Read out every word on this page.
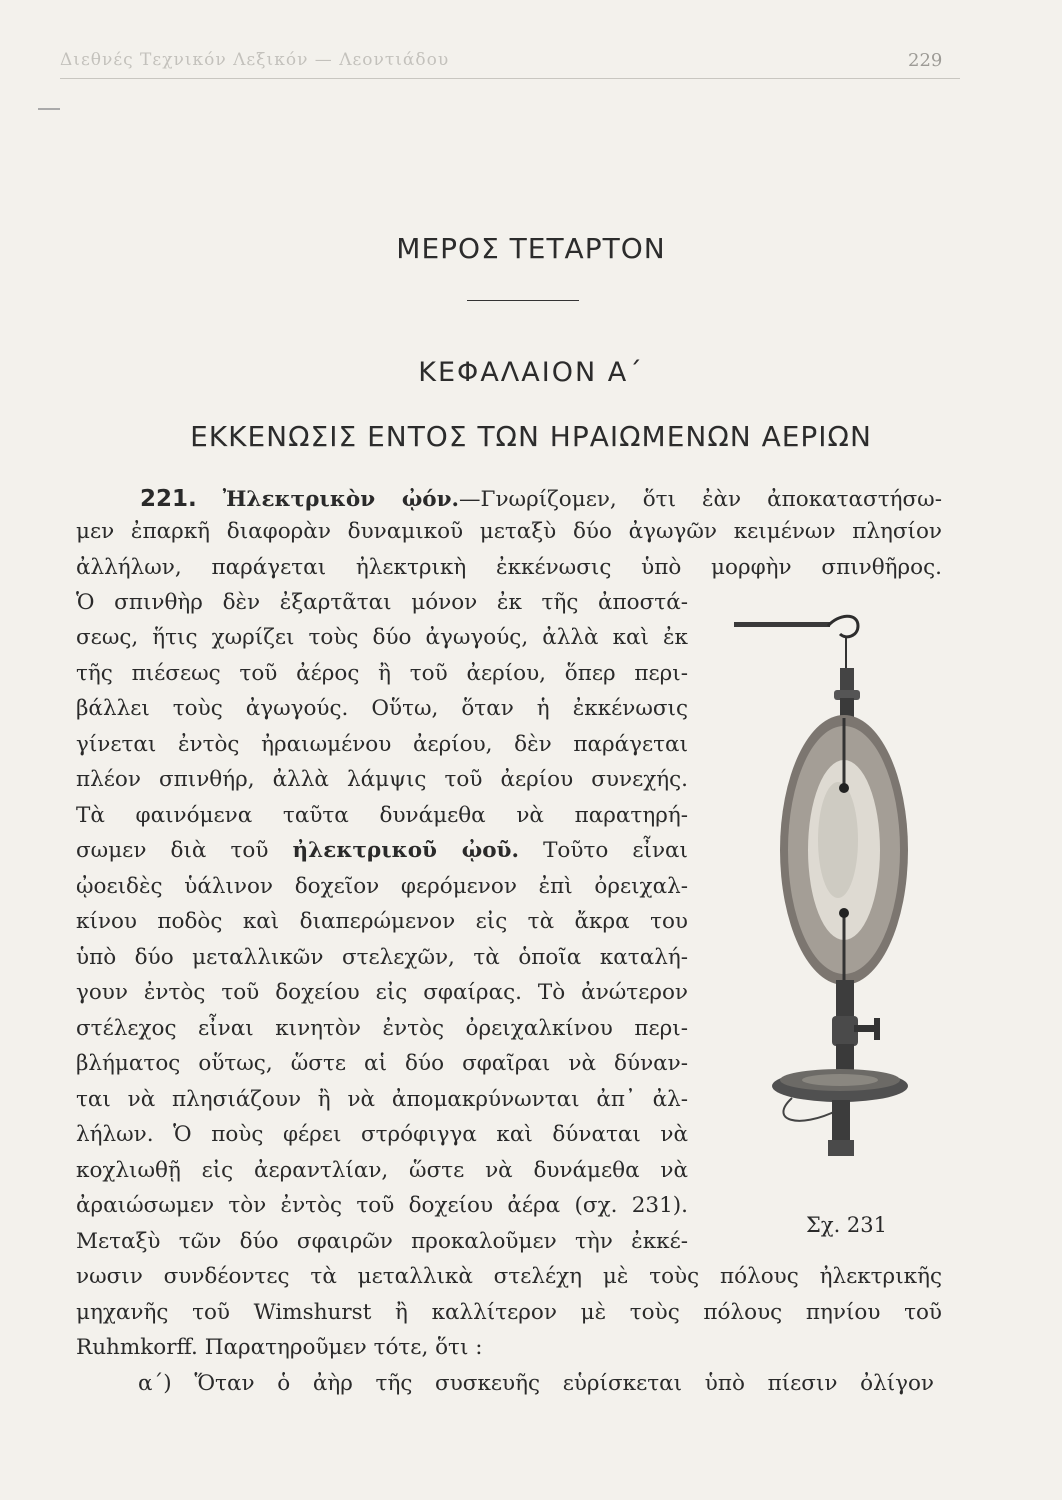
Διεθνές Τεχνικόν Λεξικόν — Λεοντιάδου	229
ΜΕΡΟΣ ΤΕΤΑΡΤΟΝ
ΚΕΦΑΛΑΙΟΝ Α΄
ΕΚΚΕΝΩΣΙΣ ΕΝΤΟΣ ΤΩΝ ΗΡΑΙΩΜΕΝΩΝ ΑΕΡΙΩΝ
221. Ἠλεκτρικὸν ᾠόν.—Γνωρίζομεν, ὅτι ἐὰν ἀποκαταστήσω-
μεν ἐπαρκῆ διαφορὰν δυναμικοῦ μεταξὺ δύο ἀγωγῶν κειμένων πλησίον
ἀλλήλων, παράγεται ἠλεκτρικὴ ἐκκένωσις ὑπὸ μορφὴν σπινθῆρος.
Ὁ σπινθὴρ δὲν ἐξαρτᾶται μόνον ἐκ τῆς ἀποστά-
σεως, ἥτις χωρίζει τοὺς δύο ἀγωγούς, ἀλλὰ καὶ ἐκ
τῆς πιέσεως τοῦ ἀέρος ἢ τοῦ ἀερίου, ὅπερ περι-
βάλλει τοὺς ἀγωγούς. Οὕτω, ὅταν ἡ ἐκκένωσις
γίνεται ἐντὸς ἠραιωμένου ἀερίου, δὲν παράγεται
πλέον σπινθήρ, ἀλλὰ λάμψις τοῦ ἀερίου συνεχής.
Τὰ φαινόμενα ταῦτα δυνάμεθα νὰ παρατηρή-
σωμεν διὰ τοῦ ἠλεκτρικοῦ ᾠοῦ. Τοῦτο εἶναι
ᾠοειδὲς ὑάλινον δοχεῖον φερόμενον ἐπὶ ὀρειχαλ-
κίνου ποδὸς καὶ διαπερώμενον εἰς τὰ ἄκρα του
ὑπὸ δύο μεταλλικῶν στελεχῶν, τὰ ὁποῖα καταλή-
γουν ἐντὸς τοῦ δοχείου εἰς σφαίρας. Τὸ ἀνώτερον
στέλεχος εἶναι κινητὸν ἐντὸς ὀρειχαλκίνου περι-
βλήματος οὕτως, ὥστε αἱ δύο σφαῖραι νὰ δύναν-
ται νὰ πλησιάζουν ἢ νὰ ἀπομακρύνωνται ἀπ᾽ ἀλ-
λήλων. Ὁ ποὺς φέρει στρόφιγγα καὶ δύναται νὰ
κοχλιωθῇ εἰς ἀεραντλίαν, ὥστε νὰ δυνάμεθα νὰ
ἀραιώσωμεν τὸν ἐντὸς τοῦ δοχείου ἀέρα (σχ. 231).
Μεταξὺ τῶν δύο σφαιρῶν προκαλοῦμεν τὴν ἐκκέ-
νωσιν συνδέοντες τὰ μεταλλικὰ στελέχη μὲ τοὺς πόλους ἠλεκτρικῆς
μηχανῆς τοῦ Wimshurst ἢ καλλίτερον μὲ τοὺς πόλους πηνίου τοῦ
Ruhmkorff. Παρατηροῦμεν τότε, ὅτι :
α΄) Ὅταν ὁ ἀὴρ τῆς συσκευῆς εὑρίσκεται ὑπὸ πίεσιν ὀλίγον
Σχ. 231
